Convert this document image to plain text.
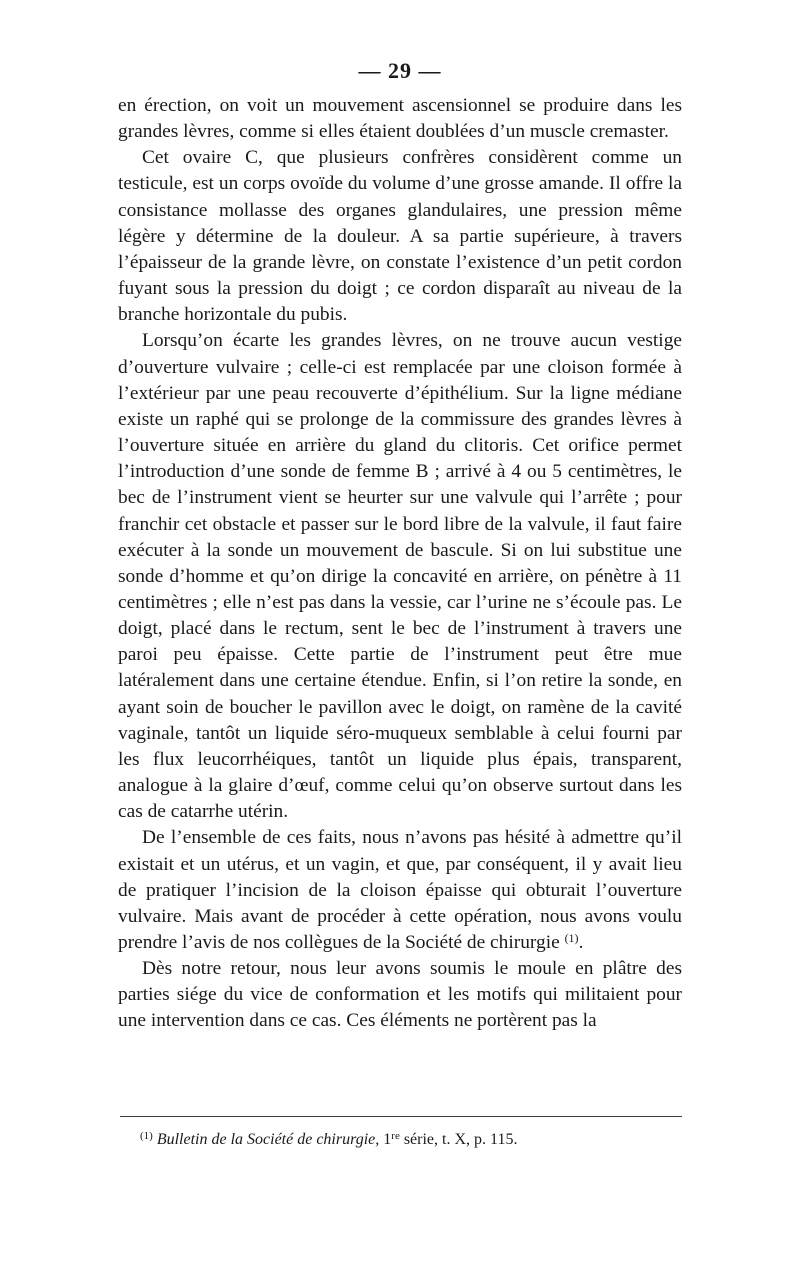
— 29 —

en érection, on voit un mouvement ascensionnel se produire dans les grandes lèvres, comme si elles étaient doublées d’un muscle cremaster.

Cet ovaire C, que plusieurs confrères considèrent comme un testicule, est un corps ovoïde du volume d’une grosse amande. Il offre la consistance mollasse des organes glandulaires, une pression même légère y détermine de la douleur. A sa partie supérieure, à travers l’épaisseur de la grande lèvre, on constate l’existence d’un petit cordon fuyant sous la pression du doigt ; ce cordon disparaît au niveau de la branche horizontale du pubis.

Lorsqu’on écarte les grandes lèvres, on ne trouve aucun vestige d’ouverture vulvaire ; celle-ci est remplacée par une cloison formée à l’extérieur par une peau recouverte d’épithélium. Sur la ligne médiane existe un raphé qui se prolonge de la commissure des grandes lèvres à l’ouverture située en arrière du gland du clitoris. Cet orifice permet l’introduction d’une sonde de femme B ; arrivé à 4 ou 5 centimètres, le bec de l’instrument vient se heurter sur une valvule qui l’arrête ; pour franchir cet obstacle et passer sur le bord libre de la valvule, il faut faire exécuter à la sonde un mouvement de bascule. Si on lui substitue une sonde d’homme et qu’on dirige la concavité en arrière, on pénètre à 11 centimètres ; elle n’est pas dans la vessie, car l’urine ne s’écoule pas. Le doigt, placé dans le rectum, sent le bec de l’instrument à travers une paroi peu épaisse. Cette partie de l’instrument peut être mue latéralement dans une certaine étendue. Enfin, si l’on retire la sonde, en ayant soin de boucher le pavillon avec le doigt, on ramène de la cavité vaginale, tantôt un liquide séro-muqueux semblable à celui fourni par les flux leucorrhéiques, tantôt un liquide plus épais, transparent, analogue à la glaire d’œuf, comme celui qu’on observe surtout dans les cas de catarrhe utérin.

De l’ensemble de ces faits, nous n’avons pas hésité à admettre qu’il existait et un utérus, et un vagin, et que, par conséquent, il y avait lieu de pratiquer l’incision de la cloison épaisse qui obturait l’ouverture vulvaire. Mais avant de procéder à cette opération, nous avons voulu prendre l’avis de nos collègues de la Société de chirurgie $^{(1)}$.

Dès notre retour, nous leur avons soumis le moule en plâtre des parties siége du vice de conformation et les motifs qui militaient pour une intervention dans ce cas. Ces éléments ne portèrent pas la

$^{(1)}$ Bulletin de la Société de chirurgie, 1re série, t. X, p. 115.
